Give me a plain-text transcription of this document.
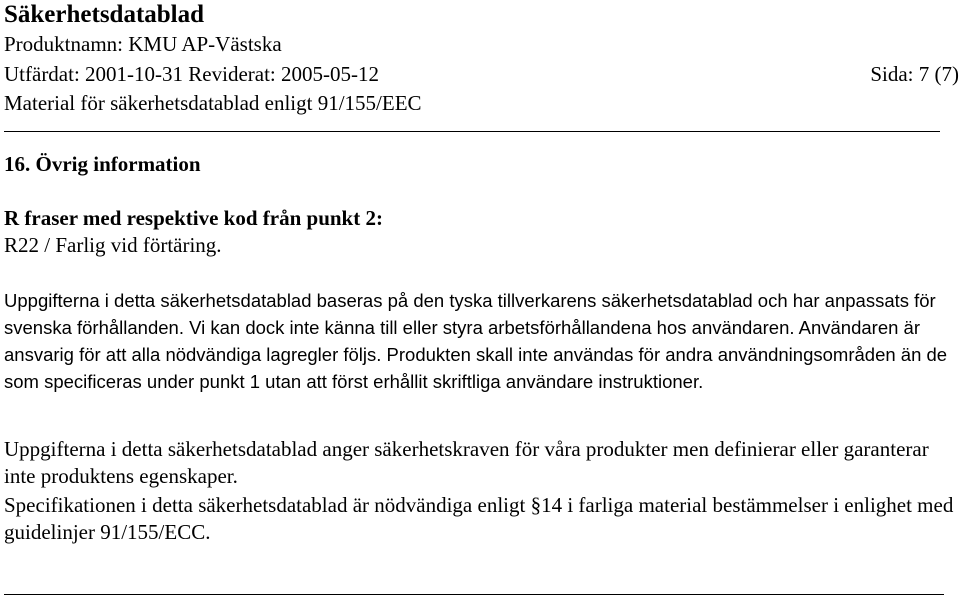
Säkerhetsdatablad
Produktnamn: KMU AP-Västska
Utfärdat: 2001-10-31 Reviderat: 2005-05-12	Sida: 7 (7)
Material för säkerhetsdatablad enligt 91/155/EEC
16. Övrig information
R fraser med respektive kod från punkt 2:
R22 / Farlig vid förtäring.

Uppgifterna i detta säkerhetsdatablad baseras på den tyska tillverkarens säkerhetsdatablad och har anpassats för svenska förhållanden. Vi kan dock inte känna till eller styra arbetsförhållandena hos användaren. Användaren är ansvarig för att alla nödvändiga lagregler följs. Produkten skall inte användas för andra användningsområden än de som specificeras under punkt 1 utan att först erhållit skriftliga användare instruktioner.

Uppgifterna i detta säkerhetsdatablad anger säkerhetskraven för våra produkter men definierar eller garanterar inte produktens egenskaper.

Specifikationen i detta säkerhetsdatablad är nödvändiga enligt §14 i farliga material bestämmelser i enlighet med guidelinjer 91/155/ECC.
